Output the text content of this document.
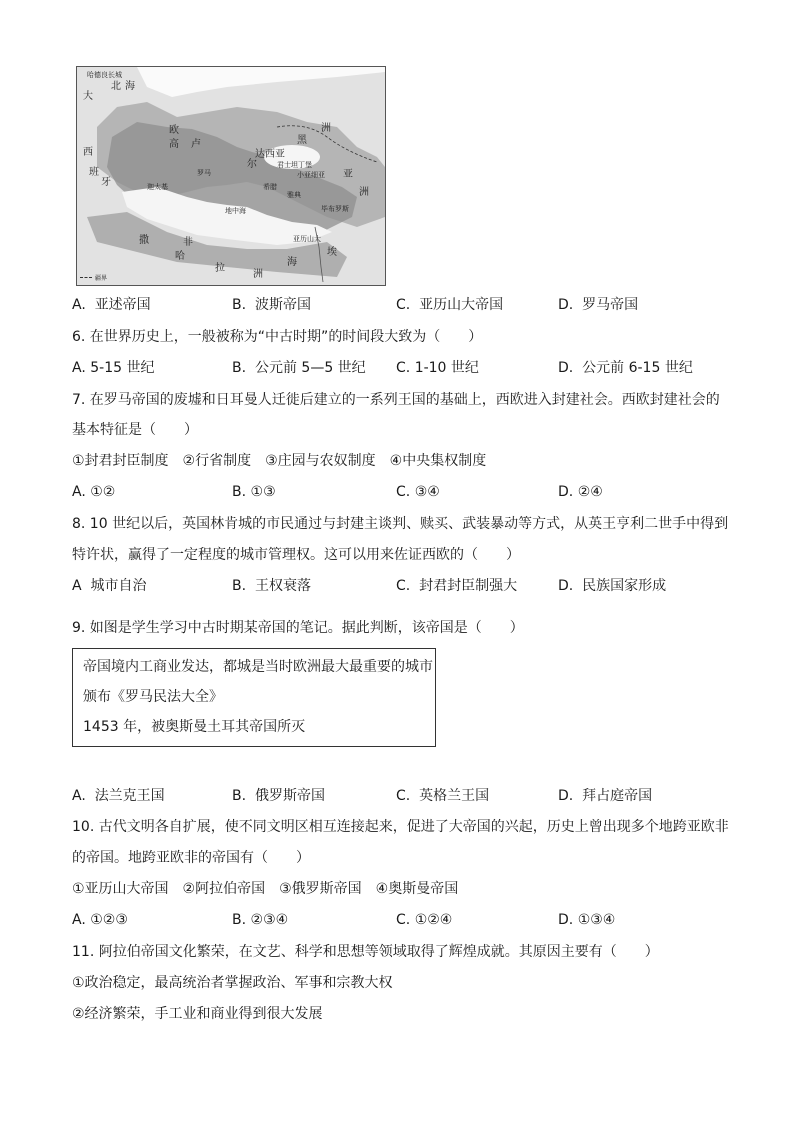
哈德良长城
北 海
大
欧
高 卢
洲
西
班
牙
尔
达西亚
黑
小亚细亚
希腊
亚
洲
雅典
罗马
迦太基
地中海
君士坦丁堡
毕布罗斯
亚历山大
埃
撒	非
哈
拉
洲
海
疆界
A. 亚述帝国	B. 波斯帝国	C. 亚历山大帝国	D. 罗马帝国
6. 在世界历史上，一般被称为“中古时期”的时间段大致为（　　）
A. 5-15 世纪	B. 公元前 5—5 世纪 C. 1-10 世纪	D. 公元前 6-15 世纪
7. 在罗马帝国的废墟和日耳曼人迁徙后建立的一系列王国的基础上，西欧进入封建社会。西欧封建社会的
基本特征是（　　）
①封君封臣制度　②行省制度　③庄园与农奴制度　④中央集权制度
A. ①②	B. ①③	C. ③④	D. ②④
8. 10 世纪以后，英国林肯城的市民通过与封建主谈判、赎买、武装暴动等方式，从英王亨利二世手中得到
特许状，赢得了一定程度的城市管理权。这可以用来佐证西欧的（　　）
A 城市自治	B. 王权衰落	C. 封君封臣制强大	D. 民族国家形成
9. 如图是学生学习中古时期某帝国的笔记。据此判断，该帝国是（　　）
帝国境内工商业发达，都城是当时欧洲最大最重要的城市
颁布《罗马民法大全》
1453 年，被奥斯曼土耳其帝国所灭
A. 法兰克王国	B. 俄罗斯帝国	C. 英格兰王国	D. 拜占庭帝国
10. 古代文明各自扩展，使不同文明区相互连接起来，促进了大帝国的兴起，历史上曾出现多个地跨亚欧非
的帝国。地跨亚欧非的帝国有（　　）
①亚历山大帝国　②阿拉伯帝国　③俄罗斯帝国　④奥斯曼帝国
A. ①②③	B. ②③④	C. ①②④	D. ①③④
11. 阿拉伯帝国文化繁荣，在文艺、科学和思想等领域取得了辉煌成就。其原因主要有（　　）
①政治稳定，最高统治者掌握政治、军事和宗教大权
②经济繁荣，手工业和商业得到很大发展
